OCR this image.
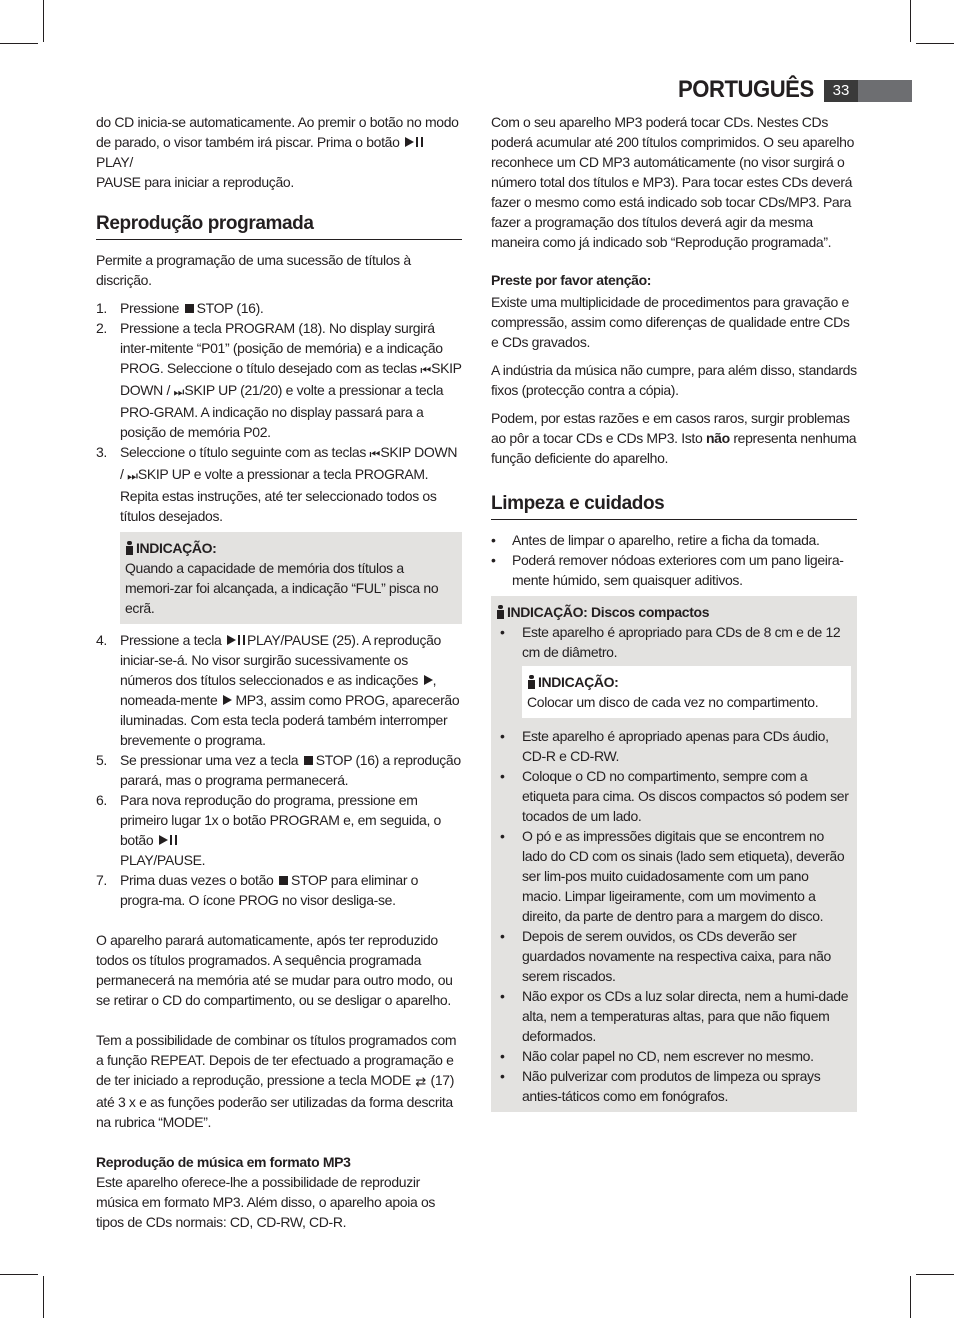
PORTUGUÊS	33

do CD inicia-se automaticamente. Ao premir o botão no modo de parado, o visor também irá piscar. Prima o botão  PLAY/
PAUSE para iniciar a reprodução.

Reprodução programada

Permite a programação de uma sucessão de títulos à discrição.

1. Pressione STOP (16).
2. Pressione a tecla PROGRAM (18). No display surgirá inter-mitente “P01” (posição de memória) e a indicação PROG. Seleccione o título desejado com as teclas ⏮ SKIP DOWN / ⏭ SKIP UP (21/20) e volte a pressionar a tecla PRO-GRAM. A indicação no display passará para a posição de memória P02.
3. Seleccione o título seguinte com as teclas ⏮ SKIP DOWN / ⏭ SKIP UP e volte a pressionar a tecla PROGRAM. Repita estas instruções, até ter seleccionado todos os títulos desejados.
INDICAÇÃO:

Quando a capacidade de memória dos títulos a memori-zar foi alcançada, a indicação “FUL” pisca no ecrã.

4. Pressione a tecla PLAY/PAUSE (25). A reprodução iniciar-se-á. No visor surgirão sucessivamente os números dos títulos seleccionados e as indicações , nomeada-mente  MP3, assim como PROG, aparecerão iluminadas. Com esta tecla poderá também interromper brevemente o programa.
5. Se pressionar uma vez a tecla STOP (16) a reprodução parará, mas o programa permanecerá.
6. Para nova reprodução do programa, pressione em primeiro lugar 1x o botão PROGRAM e, em seguida, o botão
PLAY/PAUSE.
7. Prima duas vezes o botão STOP para eliminar o progra-ma. O ícone PROG no visor desliga-se.

O aparelho parará automaticamente, após ter reproduzido todos os títulos programados. A sequência programada permanecerá na memória até se mudar para outro modo, ou se retirar o CD do compartimento, ou se desligar o aparelho.

Tem a possibilidade de combinar os títulos programados com a função REPEAT. Depois de ter efectuado a programação e de ter iniciado a reprodução, pressione a tecla MODE ⇄ (17) até 3 x e as funções poderão ser utilizadas da forma descrita na rubrica “MODE”.

Reprodução de música em formato MP3

Este aparelho oferece-lhe a possibilidade de reproduzir música em formato MP3. Além disso, o aparelho apoia os tipos de CDs normais: CD, CD-RW, CD-R.

Com o seu aparelho MP3 poderá tocar CDs. Nestes CDs poderá acumular até 200 títulos comprimidos. O seu aparelho reconhece um CD MP3 automáticamente (no visor surgirá o número total dos títulos e MP3). Para tocar estes CDs deverá fazer o mesmo como está indicado sob tocar CDs/MP3. Para fazer a programação dos títulos deverá agir da mesma maneira como já indicado sob “Reprodução programada”.

Preste por favor atenção:

Existe uma multiplicidade de procedimentos para gravação e compressão, assim como diferenças de qualidade entre CDs e CDs gravados.

A indústria da música não cumpre, para além disso, standards fixos (protecção contra a cópia).

Podem, por estas razões e em casos raros, surgir problemas ao pôr a tocar CDs e CDs MP3. Isto não representa nenhuma função deficiente do aparelho.

Limpeza e cuidados
• Antes de limpar o aparelho, retire a ficha da tomada.
• Poderá remover nódoas exteriores com um pano ligeira-mente húmido, sem quaisquer aditivos.
INDICAÇÃO: Discos compactos
• Este aparelho é apropriado para CDs de 8 cm e de 12 cm de diâmetro.
INDICAÇÃO:

Colocar um disco de cada vez no compartimento.

• Este aparelho é apropriado apenas para CDs áudio, CD-R e CD-RW.
• Coloque o CD no compartimento, sempre com a etiqueta para cima. Os discos compactos só podem ser tocados de um lado.
• O pó e as impressões digitais que se encontrem no lado do CD com os sinais (lado sem etiqueta), deverão ser lim-pos muito cuidadosamente com um pano macio. Limpar ligeiramente, com um movimento a direito, da parte de dentro para a margem do disco.
• Depois de serem ouvidos, os CDs deverão ser guardados novamente na respectiva caixa, para não serem riscados.
• Não expor os CDs a luz solar directa, nem a humi-dade alta, nem a temperaturas altas, para que não fiquem deformados.
• Não colar papel no CD, nem escrever no mesmo.
• Não pulverizar com produtos de limpeza ou sprays anties-táticos como em fonógrafos.
